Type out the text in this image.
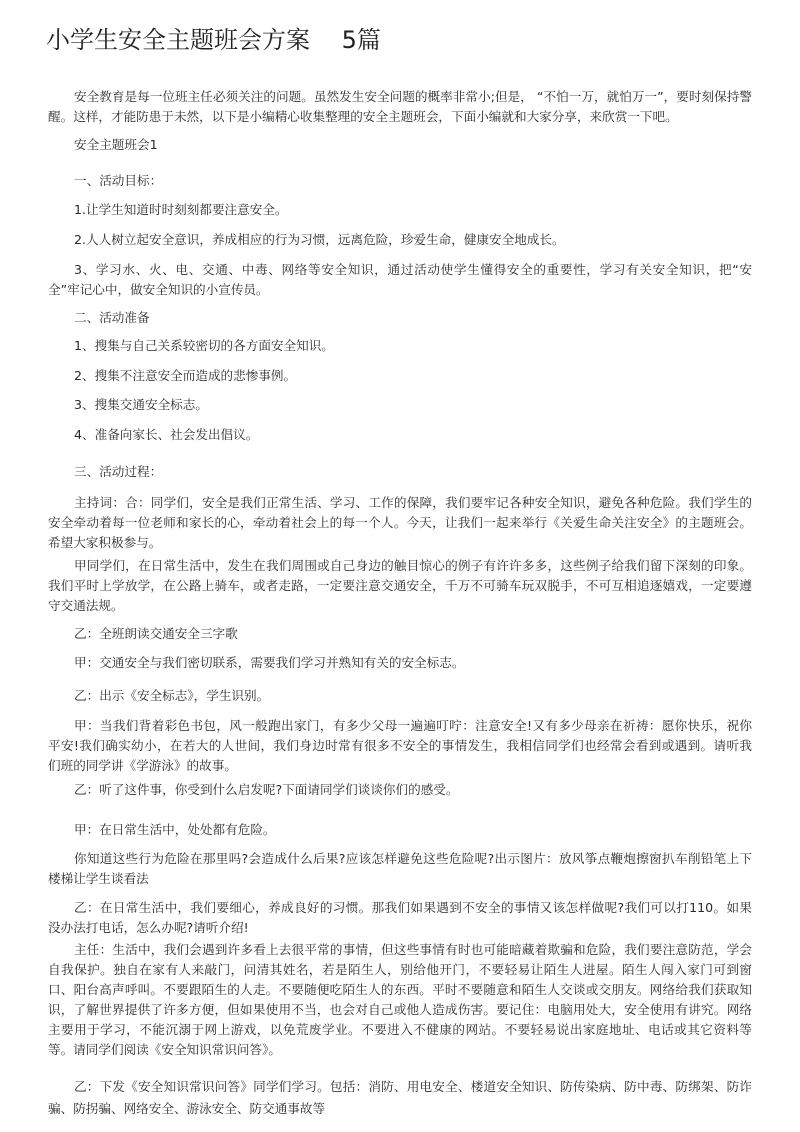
小学生安全主题班会方案　 5篇
安全教育是每一位班主任必须关注的问题。虽然发生安全问题的概率非常小;但是， “不怕一万，就怕万一”，要时刻保持警
醒。这样，才能防患于未然，以下是小编精心收集整理的安全主题班会，下面小编就和大家分享，来欣赏一下吧。
安全主题班会1
一、活动目标：
1.让学生知道时时刻刻都要注意安全。
2.人人树立起安全意识，养成相应的行为习惯，远离危险，珍爱生命，健康安全地成长。
3、学习水、火、电、交通、中毒、网络等安全知识，通过活动使学生懂得安全的重要性，学习有关安全知识，把“安
全”牢记心中，做安全知识的小宣传员。
二、活动准备
1、搜集与自己关系较密切的各方面安全知识。
2、搜集不注意安全而造成的悲惨事例。
3、搜集交通安全标志。
4、准备向家长、社会发出倡议。
三、活动过程：
主持词：合：同学们，安全是我们正常生活、学习、工作的保障，我们要牢记各种安全知识，避免各种危险。我们学生的
安全牵动着每一位老师和家长的心，牵动着社会上的每一个人。今天，让我们一起来举行《关爱生命关注安全》的主题班会。
希望大家积极参与。
甲同学们，在日常生活中，发生在我们周围或自己身边的触目惊心的例子有许许多多，这些例子给我们留下深刻的印象。
我们平时上学放学，在公路上骑车，或者走路，一定要注意交通安全，千万不可骑车玩双脱手，不可互相追逐嬉戏，一定要遵
守交通法规。
乙：全班朗读交通安全三字歌
甲：交通安全与我们密切联系，需要我们学习并熟知有关的安全标志。
乙：出示《安全标志》，学生识别。
甲：当我们背着彩色书包，风一般跑出家门，有多少父母一遍遍叮咛：注意安全!又有多少母亲在祈祷：愿你快乐，祝你
平安!我们确实幼小，在若大的人世间，我们身边时常有很多不安全的事情发生，我相信同学们也经常会看到或遇到。请听我
们班的同学讲《学游泳》的故事。
乙：听了这件事，你受到什么启发呢?下面请同学们谈谈你们的感受。
甲：在日常生活中，处处都有危险。
你知道这些行为危险在那里吗?会造成什么后果?应该怎样避免这些危险呢?出示图片：放风筝点鞭炮擦窗扒车削铅笔上下
楼梯让学生谈看法
乙：在日常生活中，我们要细心，养成良好的习惯。那我们如果遇到不安全的事情又该怎样做呢?我们可以打110。如果
没办法打电话，怎么办呢?请听介绍!
主任：生活中，我们会遇到许多看上去很平常的事情，但这些事情有时也可能暗藏着欺骗和危险，我们要注意防范，学会
自我保护。独自在家有人来敲门，问清其姓名，若是陌生人，别给他开门，不要轻易让陌生人进屋。陌生人闯入家门可到窗
口、阳台高声呼叫。不要跟陌生的人走。不要随便吃陌生人的东西。平时不要随意和陌生人交谈或交朋友。网络给我们获取知
识，了解世界提供了许多方便，但如果使用不当，也会对自己或他人造成伤害。要记住：电脑用处大，安全使用有讲究。网络
主要用于学习，不能沉溺于网上游戏，以免荒废学业。不要进入不健康的网站。不要轻易说出家庭地址、电话或其它资料等
等。请同学们阅读《安全知识常识问答》。
乙：下发《安全知识常识问答》同学们学习。包括：消防、用电安全、楼道安全知识、防传染病、防中毒、防绑架、防诈
骗、防拐骗、网络安全、游泳安全、防交通事故等
